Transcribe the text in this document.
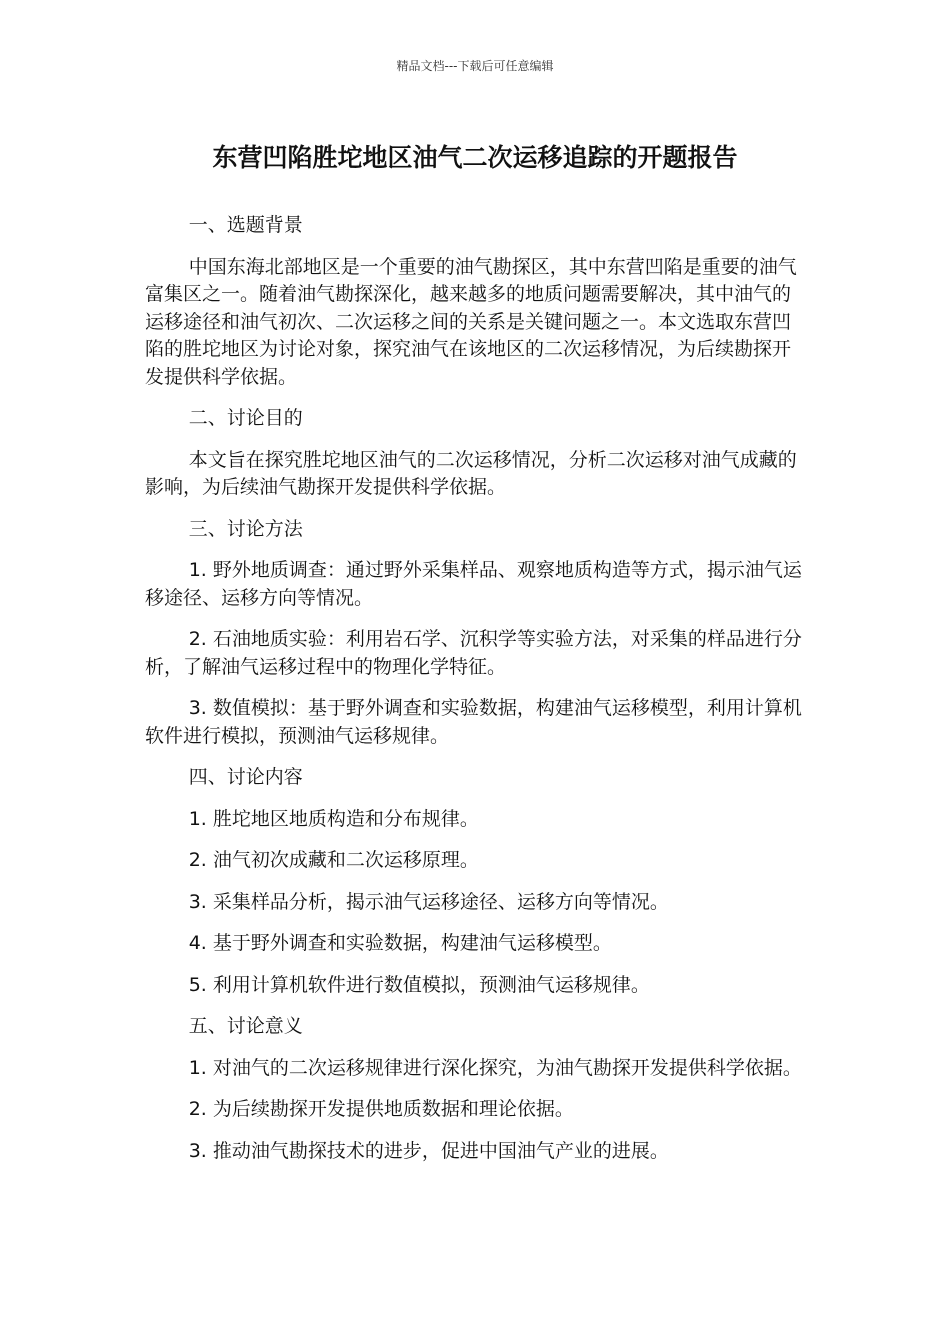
精品文档---下载后可任意编辑
东营凹陷胜坨地区油气二次运移追踪的开题报告

一、选题背景

中国东海北部地区是一个重要的油气勘探区，其中东营凹陷是重要的油气富集区之一。随着油气勘探深化，越来越多的地质问题需要解决，其中油气的运移途径和油气初次、二次运移之间的关系是关键问题之一。本文选取东营凹陷的胜坨地区为讨论对象，探究油气在该地区的二次运移情况，为后续勘探开发提供科学依据。

二、讨论目的

本文旨在探究胜坨地区油气的二次运移情况，分析二次运移对油气成藏的影响，为后续油气勘探开发提供科学依据。

三、讨论方法

1. 野外地质调查：通过野外采集样品、观察地质构造等方式，揭示油气运移途径、运移方向等情况。

2. 石油地质实验：利用岩石学、沉积学等实验方法，对采集的样品进行分析，了解油气运移过程中的物理化学特征。

3. 数值模拟：基于野外调查和实验数据，构建油气运移模型，利用计算机软件进行模拟，预测油气运移规律。

四、讨论内容

1. 胜坨地区地质构造和分布规律。

2. 油气初次成藏和二次运移原理。

3. 采集样品分析，揭示油气运移途径、运移方向等情况。

4. 基于野外调查和实验数据，构建油气运移模型。

5. 利用计算机软件进行数值模拟，预测油气运移规律。

五、讨论意义

1. 对油气的二次运移规律进行深化探究，为油气勘探开发提供科学依据。

2. 为后续勘探开发提供地质数据和理论依据。

3. 推动油气勘探技术的进步，促进中国油气产业的进展。
